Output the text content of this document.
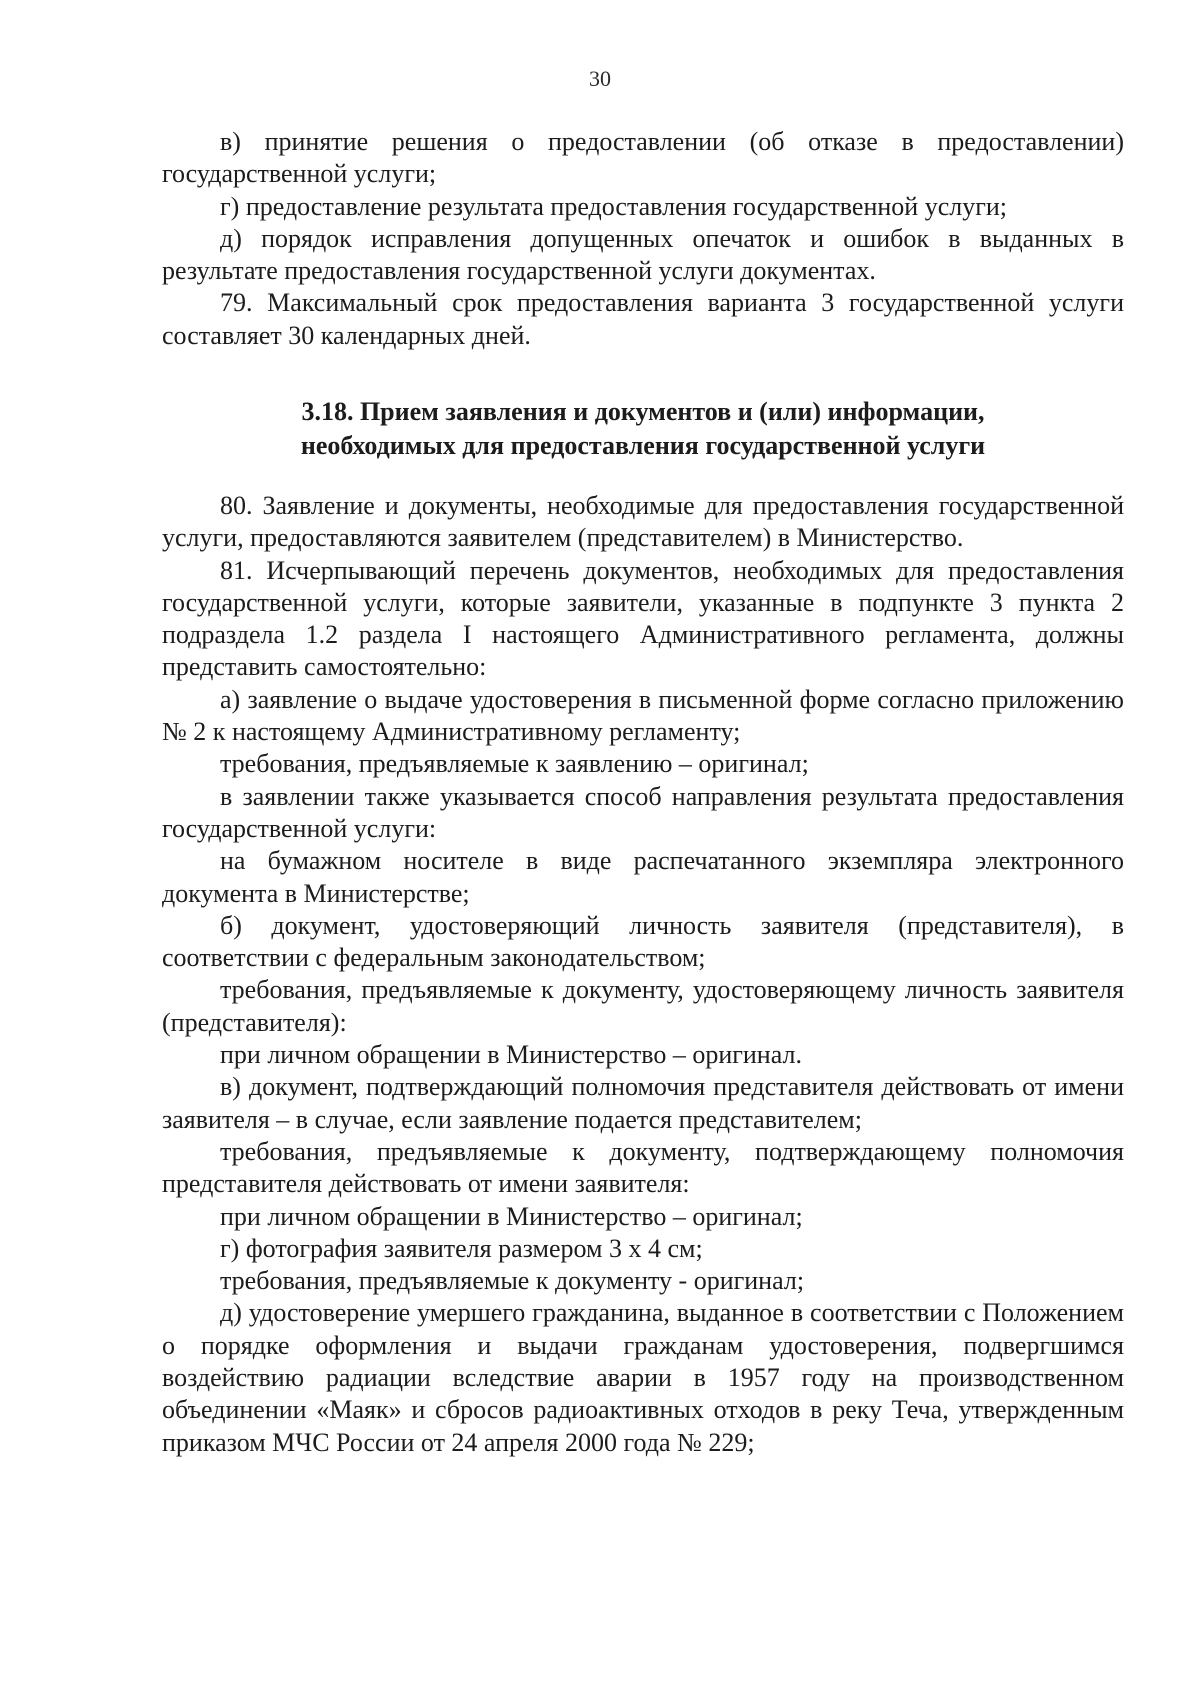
30

в) принятие решения о предоставлении (об отказе в предоставлении) государственной услуги;

г) предоставление результата предоставления государственной услуги;

д) порядок исправления допущенных опечаток и ошибок в выданных в результате предоставления государственной услуги документах.

79. Максимальный срок предоставления варианта 3 государственной услуги составляет 30 календарных дней.

3.18. Прием заявления и документов и (или) информации,
необходимых для предоставления государственной услуги

80. Заявление и документы, необходимые для предоставления государственной услуги, предоставляются заявителем (представителем) в Министерство.

81. Исчерпывающий перечень документов, необходимых для предоставления государственной услуги, которые заявители, указанные в подпункте 3 пункта 2 подраздела 1.2 раздела I настоящего Административного регламента, должны представить самостоятельно:

а) заявление о выдаче удостоверения в письменной форме согласно приложению № 2 к настоящему Административному регламенту;

требования, предъявляемые к заявлению – оригинал;

в заявлении также указывается способ направления результата предоставления государственной услуги:

на бумажном носителе в виде распечатанного экземпляра электронного документа в Министерстве;

б) документ, удостоверяющий личность заявителя (представителя), в соответствии с федеральным законодательством;

требования, предъявляемые к документу, удостоверяющему личность заявителя (представителя):

при личном обращении в Министерство – оригинал.

в) документ, подтверждающий полномочия представителя действовать от имени заявителя – в случае, если заявление подается представителем;

требования, предъявляемые к документу, подтверждающему полномочия представителя действовать от имени заявителя:

при личном обращении в Министерство – оригинал;

г) фотография заявителя размером 3 х 4 см;

требования, предъявляемые к документу - оригинал;

д) удостоверение умершего гражданина, выданное в соответствии с Положением о порядке оформления и выдачи гражданам удостоверения, подвергшимся воздействию радиации вследствие аварии в 1957 году на производственном объединении «Маяк» и сбросов радиоактивных отходов в реку Теча, утвержденным приказом МЧС России от 24 апреля 2000 года № 229;
